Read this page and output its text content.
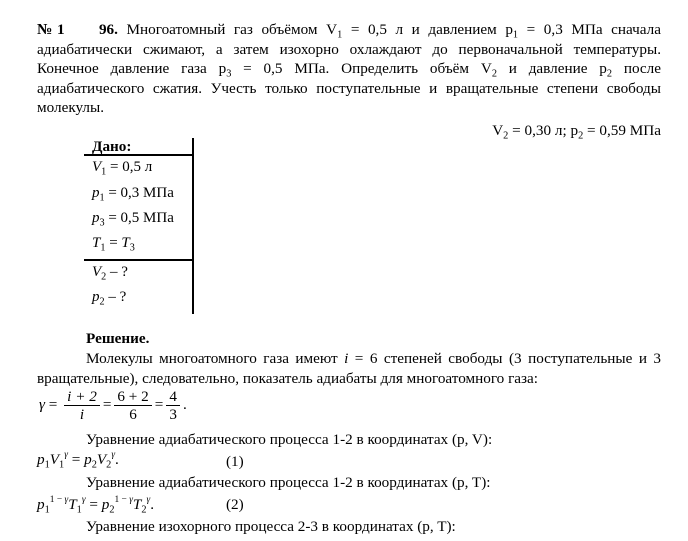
№1 96. Многоатомный газ объёмом $V_1 = 0,5$ л и давлением $p_1 = 0,3$ МПа сначала адиабатически сжимают, а затем изохорно охлаждают до первоначальной температуры. Конечное давление газа $p_3 = 0,5$ МПа. Определить объём $V_2$ и давление $p_2$ после адиабатического сжатия. Учесть только поступательные и вращательные степени свободы молекулы.

$V_2 = 0,30$ л; $p_2 = 0,59$ МПа
Дано:
$V_1 = 0,5$ л
$p_1 = 0,3$ МПа
$p_3 = 0,5$ МПа
$T_1 = T_3$
$V_2$ – ?
$p_2$ – ?
Решение.

Молекулы многоатомного газа имеют i = 6 степеней свободы (3 поступательные и 3 вращательные), следовательно, показатель адиабаты для многоатомного газа:

$\gamma = \frac{i + 2}{i} = \frac{6 + 2}{6} = \frac{4}{3}$ .

Уравнение адиабатического процесса 1-2 в координатах (p, V):

$p_1V_1^\gamma = p_2V_2^\gamma$.	(1)

Уравнение адиабатического процесса 1-2 в координатах (p, T):

$p_1^{1 - \gamma}T_1^\gamma = p_2^{1 - \gamma}T_2^\gamma$.	(2)

Уравнение изохорного процесса 2-3 в координатах (p, T):
